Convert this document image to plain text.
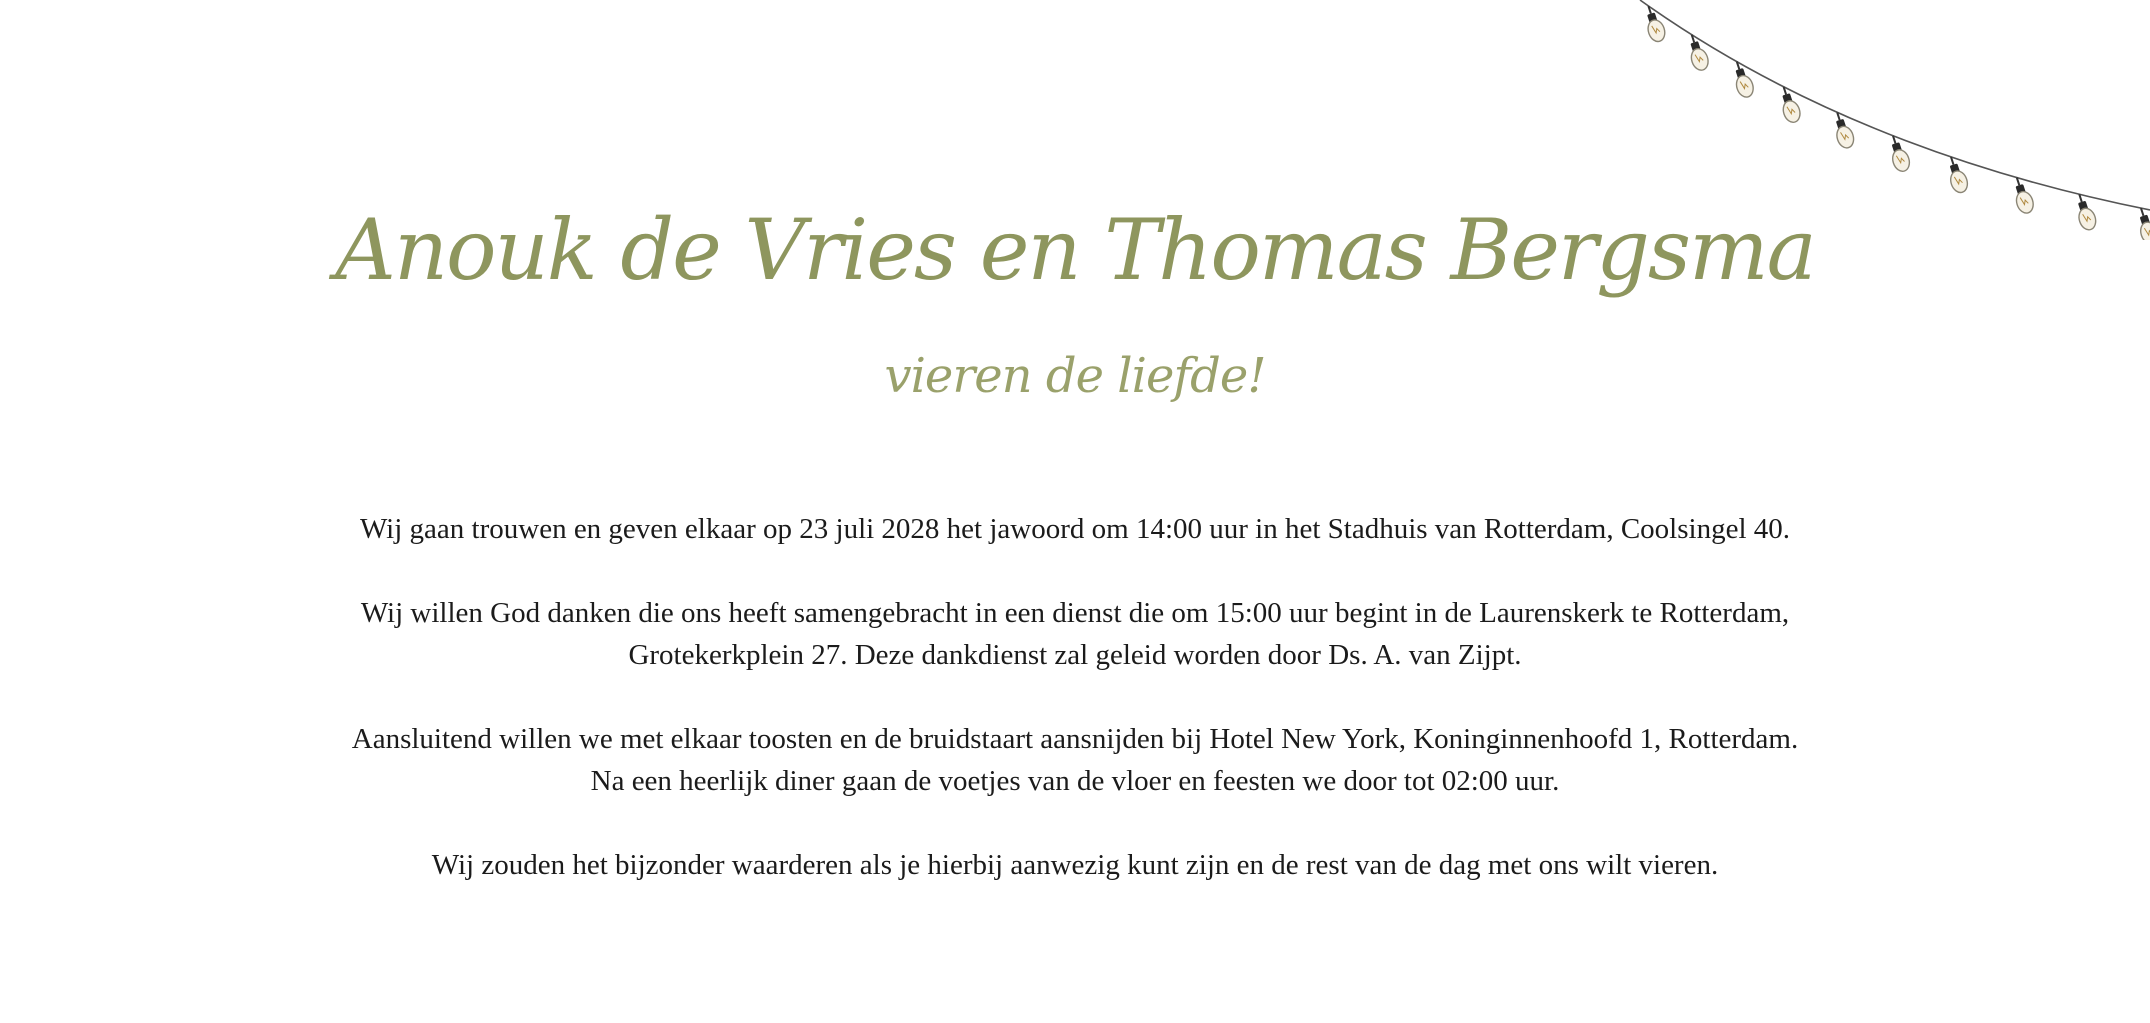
Anouk de Vries en Thomas Bergsma
vieren de liefde!

Wij gaan trouwen en geven elkaar op 23 juli 2028 het jawoord om 14:00 uur in het Stadhuis van Rotterdam, Coolsingel 40.

Wij willen God danken die ons heeft samengebracht in een dienst die om 15:00 uur begint in de Laurenskerk te Rotterdam,
Grotekerkplein 27. Deze dankdienst zal geleid worden door Ds. A. van Zijpt.

Aansluitend willen we met elkaar toosten en de bruidstaart aansnijden bij Hotel New York, Koninginnenhoofd 1, Rotterdam.
Na een heerlijk diner gaan de voetjes van de vloer en feesten we door tot 02:00 uur.

Wij zouden het bijzonder waarderen als je hierbij aanwezig kunt zijn en de rest van de dag met ons wilt vieren.
